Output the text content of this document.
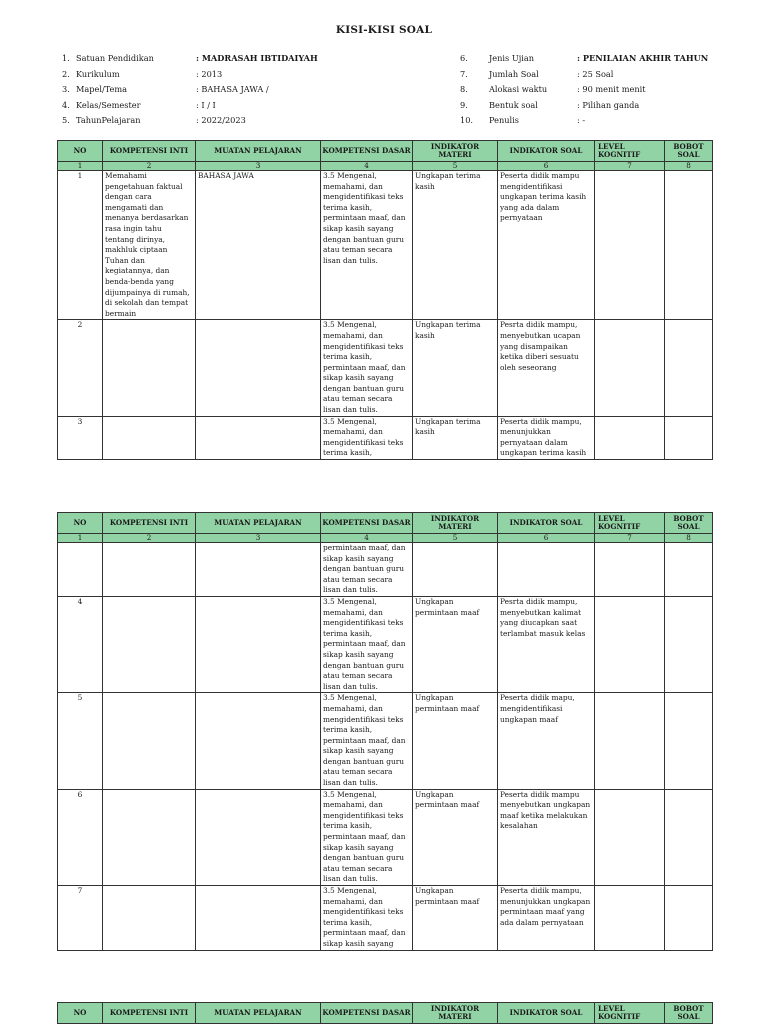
KISI-KISI SOAL
1. Satuan Pendidikan	: MADRASAH IBTIDAIYAH
2. Kurikulum	: 2013
3. Mapel/Tema	: BAHASA JAWA /
4. Kelas/Semester	: I / I
5. TahunPelajaran	: 2022/2023
6.	Jenis Ujian	: PENILAIAN AKHIR TAHUN
7.	Jumlah Soal	: 25 Soal
8.	Alokasi waktu	: 90 menit menit
9.	Bentuk soal	: Pilihan ganda
10. Penulis	: -
NO	KOMPETENSI INTI	MUATAN PELAJARAN	KOMPETENSI DASAR	INDIKATOR MATERI	INDIKATOR SOAL	LEVEL KOGNITIF	BOBOT SOAL
1	2	3	4	5	6	7	8
1	Memahami pengetahuan faktual dengan cara mengamati dan menanya berdasarkan rasa ingin tahu tentang dirinya, makhluk ciptaan Tuhan dan kegiatannya, dan benda-benda yang dijumpainya di rumah, di sekolah dan tempat bermain	BAHASA JAWA	3.5 Mengenal, memahami, dan mengidentifikasi teks terima kasih, permintaan maaf, dan sikap kasih sayang dengan bantuan guru atau teman secara lisan dan tulis.	Ungkapan terima kasih	Peserta didik mampu mengidentifikasi ungkapan terima kasih yang ada dalam pernyataan		
2			3.5 Mengenal, memahami, dan mengidentifikasi teks terima kasih, permintaan maaf, dan sikap kasih sayang dengan bantuan guru atau teman secara lisan dan tulis.	Ungkapan terima kasih	Pesrta didik mampu, menyebutkan ucapan yang disampaikan ketika diberi sesuatu oleh seseorang		
3			3.5 Mengenal, memahami, dan mengidentifikasi teks terima kasih,	Ungkapan terima kasih	Peserta didik mampu, menunjukkan pernyataan dalam ungkapan terima kasih		
NO	KOMPETENSI INTI	MUATAN PELAJARAN	KOMPETENSI DASAR	INDIKATOR MATERI	INDIKATOR SOAL	LEVEL KOGNITIF	BOBOT SOAL
1	2	3	4	5	6	7	8
			permintaan maaf, dan sikap kasih sayang dengan bantuan guru atau teman secara lisan dan tulis.				
4			3.5 Mengenal, memahami, dan mengidentifikasi teks terima kasih, permintaan maaf, dan sikap kasih sayang dengan bantuan guru atau teman secara lisan dan tulis.	Ungkapan permintaan maaf	Pesrta didik mampu, menyebutkan kalimat yang diucapkan saat terlambat masuk kelas		
5			3.5 Mengenal, memahami, dan mengidentifikasi teks terima kasih, permintaan maaf, dan sikap kasih sayang dengan bantuan guru atau teman secara lisan dan tulis.	Ungkapan permintaan maaf	Peserta didik mapu, mengidentifikasi ungkapan maaf		
6			3.5 Mengenal, memahami, dan mengidentifikasi teks terima kasih, permintaan maaf, dan sikap kasih sayang dengan bantuan guru atau teman secara lisan dan tulis.	Ungkapan permintaan maaf	Peserta didik mampu menyebutkan ungkapan maaf ketika melakukan kesalahan		
7			3.5 Mengenal, memahami, dan mengidentifikasi teks terima kasih, permintaan maaf, dan sikap kasih sayang	Ungkapan permintaan maaf	Peserta didik mampu, menunjukkan ungkapan permintaan maaf yang ada dalam pernyataan		
NO	KOMPETENSI INTI	MUATAN PELAJARAN	KOMPETENSI DASAR	INDIKATOR MATERI	INDIKATOR SOAL	LEVEL KOGNITIF	BOBOT SOAL
